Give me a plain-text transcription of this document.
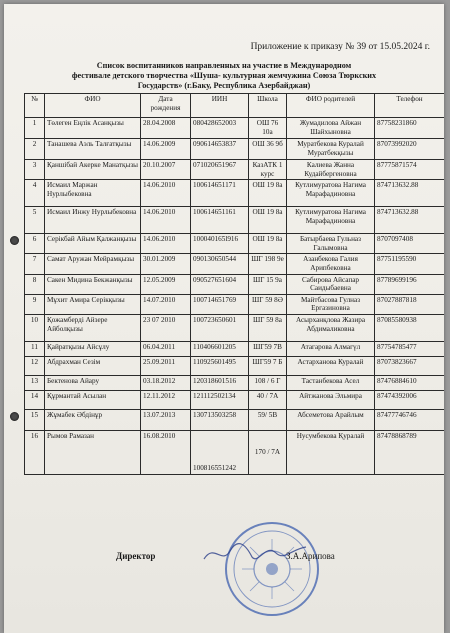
Приложение к приказу № 39 от 15.05.2024 г.
Список воспитанников направленных на участие в Международном
фестивале детского творчества «Шуша- культурная жемчужина Союза Тюркских
Государств» (г.Баку, Республика Азербайджан)
№	ФИО	Дата рождения	ИИН	Школа	ФИО родителей	Телефон
1	Төлеген Еңлік Асанқызы	28.04.2008	080428652003	ОШ 76 10а	Жумадилова Айжан Шайхыновна	87758231860
2	Танашева Аэль Талғатқызы	14.06.2009	090614653837	ОШ 36 9б	Муратбекова Куралай Муратбекқызы	87073992020
3	Қаншібай Акерке Манатқызы	20.10.2007	071020651967	КазАТК 1 курс	Калиева Жанна Кудайбергеновна	87775871574
4	Исмаил Маржан Нурлыбековна	14.06.2010	100614651171	ОШ 19 8а	Кутлимуратова Нагима Марафадиновна	874713632.88
5	Исмаил Инжу Нурлыбековна	14.06.2010	100614651161	ОШ 19 8а	Кутлимуратова Нагима Марафадиновна	874713632.88
6	Серікбай Айым Қалжанқызы	14.06.2010	100040165l916	ОШ 19 8а	Батырбаева Гульназ Галымовна	8707097408
7	Самат Аружан Мейрамқызы	30.01.2009	090130650544	ШГ 198 9е	Азанбекова Галия Арипбековна	87751195590
8	Сакен Мидина Бекжанқызы	12.05.2009	090527651604	ШГ 15 9а	Сабирова Айсапар Саидыбаевна	87789699196
9	Мұхит Амира Серікқызы	14.07.2010	100714651769	ШГ 59 8Ә	Майтбасова Гулназ Ергазиновна	87027887818
10	Қожамберді Айзере Айболқызы	23 07 2010	100723650601	ШГ 59 8а	Асырханқлова Жазира Абдималиковна	87085580938
11	Қайратқызы Айсұлу	06.04.2011	110406601205	ШГ59 7В	Атагарова Алмагүл	87754785477
12	Абдрахман Сезім	25.09.2011	110925601495	ШГ59 7 Б	Астарханова Куралай	87073823667
13	Бектенова Айару	03.18.2012	120318601516	108 / 6 Г	Тастанбекова Асел	87476884610
14	Құрмантай Асылан	12.11.2012	121112502134	40 / 7А	Айтжанова Эльмира	87474392006
15	Жұмабек Әбдінұр	13.07.2013	130713503258	59/ 5В	Абсеметова Арайлым	87477746746
16	Рымов Рамазан	16.08.2010	100816551242	170 / 7А	Нусумбекова Қуралай	87478868789
Директор	З.А.Арипова
